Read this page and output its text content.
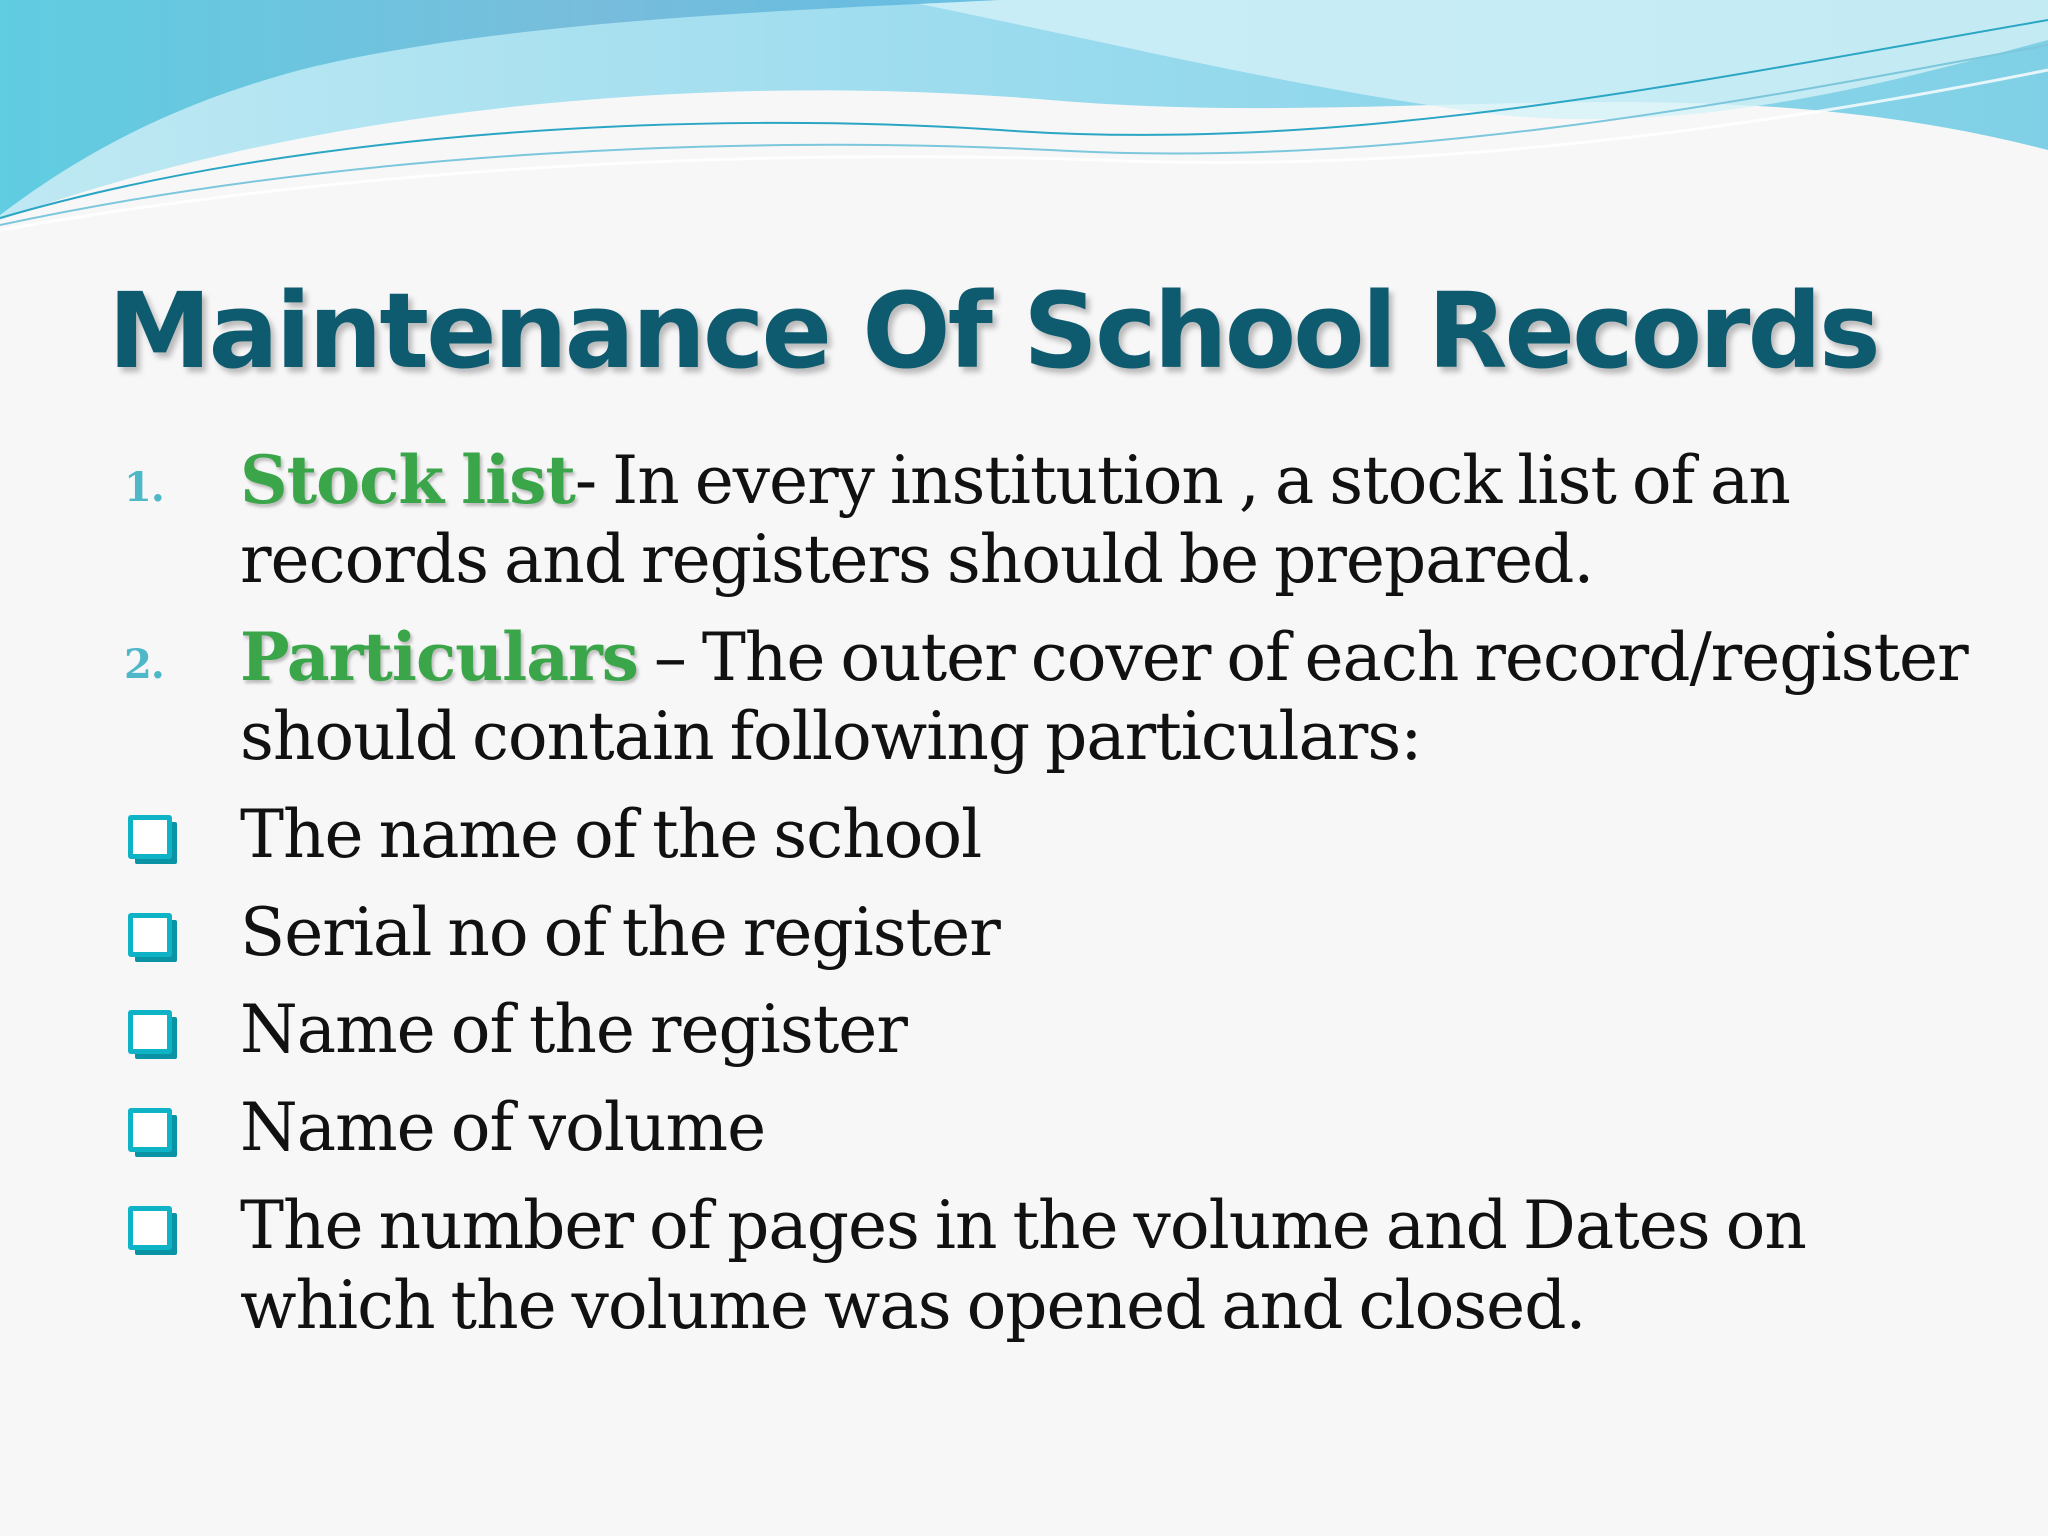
Maintenance Of School Records
1. Stock list- In every institution , a stock list of an
records and registers should be prepared.
2. Particulars – The outer cover of each record/register
should contain following particulars:
The name of the school
Serial no of the register
Name of the register
Name of volume
The number of pages in the volume and Dates on
which the volume was opened and closed.
